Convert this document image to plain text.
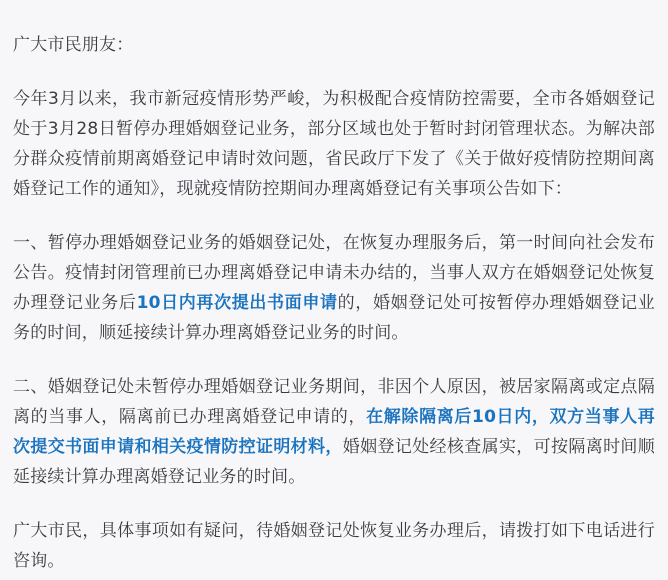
广大市民朋友：

今年3月以来，我市新冠疫情形势严峻，为积极配合疫情防控需要，全市各婚姻登记处于3月28日暂停办理婚姻登记业务，部分区域也处于暂时封闭管理状态。为解决部分群众疫情前期离婚登记申请时效问题，省民政厅下发了《关于做好疫情防控期间离婚登记工作的通知》，现就疫情防控期间办理离婚登记有关事项公告如下：

一、暂停办理婚姻登记业务的婚姻登记处，在恢复办理服务后，第一时间向社会发布公告。疫情封闭管理前已办理离婚登记申请未办结的，当事人双方在婚姻登记处恢复办理登记业务后10日内再次提出书面申请的，婚姻登记处可按暂停办理婚姻登记业务的时间，顺延接续计算办理离婚登记业务的时间。

二、婚姻登记处未暂停办理婚姻登记业务期间，非因个人原因，被居家隔离或定点隔离的当事人，隔离前已办理离婚登记申请的，在解除隔离后10日内，双方当事人再次提交书面申请和相关疫情防控证明材料，婚姻登记处经核查属实，可按隔离时间顺延接续计算办理离婚登记业务的时间。

广大市民，具体事项如有疑问，待婚姻登记处恢复业务办理后，请拨打如下电话进行咨询。
